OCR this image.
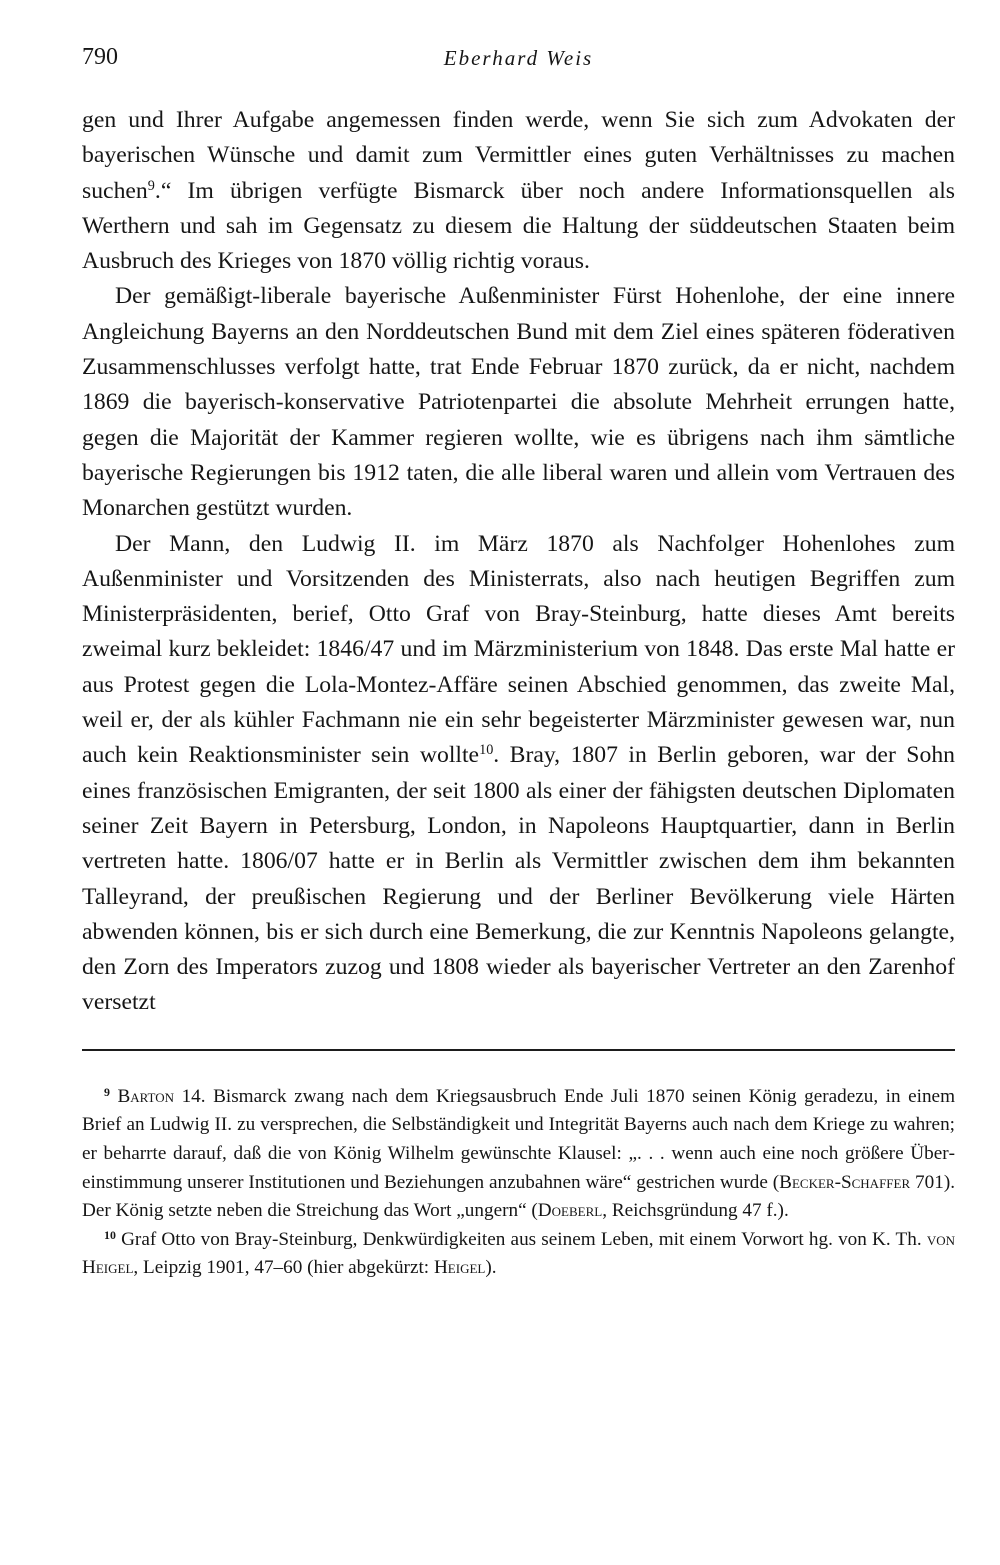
790	Eberhard Weis

gen und Ihrer Aufgabe angemessen finden werde, wenn Sie sich zum Advokaten der bayerischen Wünsche und damit zum Vermittler eines guten Verhältnisses zu machen suchen$^9$.“ Im übrigen verfügte Bismarck über noch andere Informationsquellen als Werthern und sah im Gegensatz zu diesem die Haltung der süddeutschen Staaten beim Ausbruch des Krieges von 1870 völlig richtig voraus.

Der gemäßigt-liberale bayerische Außenminister Fürst Hohenlohe, der eine innere Angleichung Bayerns an den Norddeutschen Bund mit dem Ziel eines späteren föderativen Zusammenschlusses verfolgt hatte, trat Ende Februar 1870 zurück, da er nicht, nachdem 1869 die bayerisch-konservative Patriotenpartei die absolute Mehrheit errungen hatte, gegen die Majorität der Kammer regieren wollte, wie es übrigens nach ihm sämtliche bayerische Regierungen bis 1912 taten, die alle liberal waren und allein vom Vertrauen des Monarchen gestützt wurden.

Der Mann, den Ludwig II. im März 1870 als Nachfolger Hohenlohes zum Außenminister und Vorsitzenden des Ministerrats, also nach heutigen Begriffen zum Ministerpräsidenten, berief, Otto Graf von Bray-Steinburg, hatte dieses Amt bereits zweimal kurz bekleidet: 1846/47 und im Märzministerium von 1848. Das erste Mal hatte er aus Protest gegen die Lola-Montez-Affäre seinen Abschied genommen, das zweite Mal, weil er, der als kühler Fachmann nie ein sehr begeisterter Märzminister gewesen war, nun auch kein Reaktionsminister sein wollte$^{10}$. Bray, 1807 in Berlin geboren, war der Sohn eines französischen Emigranten, der seit 1800 als einer der fähigsten deutschen Diplomaten seiner Zeit Bayern in Petersburg, London, in Napoleons Hauptquartier, dann in Berlin vertreten hatte. 1806/07 hatte er in Berlin als Vermittler zwischen dem ihm bekannten Talleyrand, der preußischen Regierung und der Berliner Bevölkerung viele Härten abwenden können, bis er sich durch eine Bemerkung, die zur Kenntnis Napoleons gelangte, den Zorn des Imperators zuzog und 1808 wieder als bayerischer Vertreter an den Zarenhof versetzt

$^9$ Barton 14. Bismarck zwang nach dem Kriegsausbruch Ende Juli 1870 seinen König geradezu, in einem Brief an Ludwig II. zu versprechen, die Selbständigkeit und Integrität Bayerns auch nach dem Kriege zu wahren; er beharrte darauf, daß die von König Wilhelm gewünschte Klausel: „. . . wenn auch eine noch größere Übereinstimmung unserer Institutionen und Beziehungen anzubahnen wäre“ gestrichen wurde (Becker-Schaffer 701). Der König setzte neben die Streichung das Wort „ungern“ (Doeberl, Reichsgründung 47 f.).

$^{10}$ Graf Otto von Bray-Steinburg, Denkwürdigkeiten aus seinem Leben, mit einem Vorwort hg. von K. Th. von Heigel, Leipzig 1901, 47–60 (hier abgekürzt: Heigel).
